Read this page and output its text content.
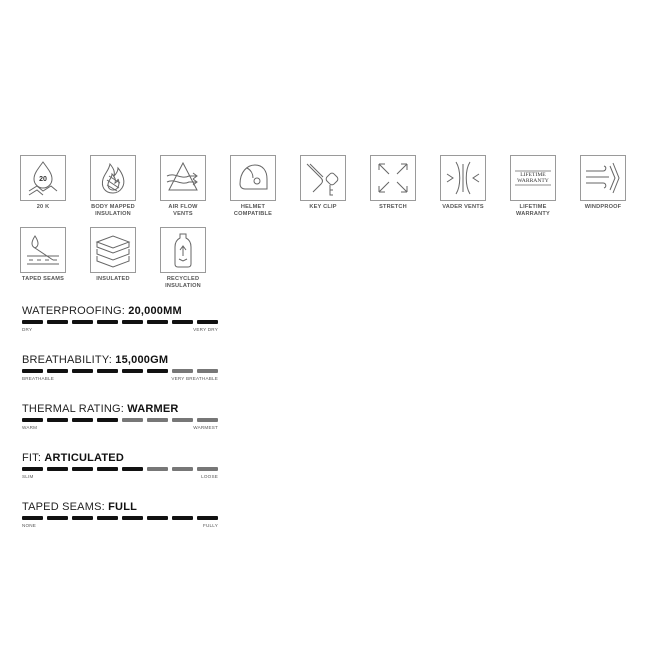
20
20 K	BODY MAPPED INSULATION
AIR FLOW VENTS
HELMET COMPATIBLE
KEY CLIP	STRETCH	VADER VENTS
LIFETIME WARRANTY
LIFETIME WARRANTY
WINDPROOF
TAPED SEAMS	INSULATED	RECYCLED INSULATION
WATERPROOFING: 20,000MM
DRY	VERY DRY
BREATHABILITY: 15,000GM
BREATHABLE	VERY BREATHABLE
THERMAL RATING: WARMER
WARM	WARMEST
FIT: ARTICULATED
SLIM	LOOSE
TAPED SEAMS: FULL
NONE	FULLY
